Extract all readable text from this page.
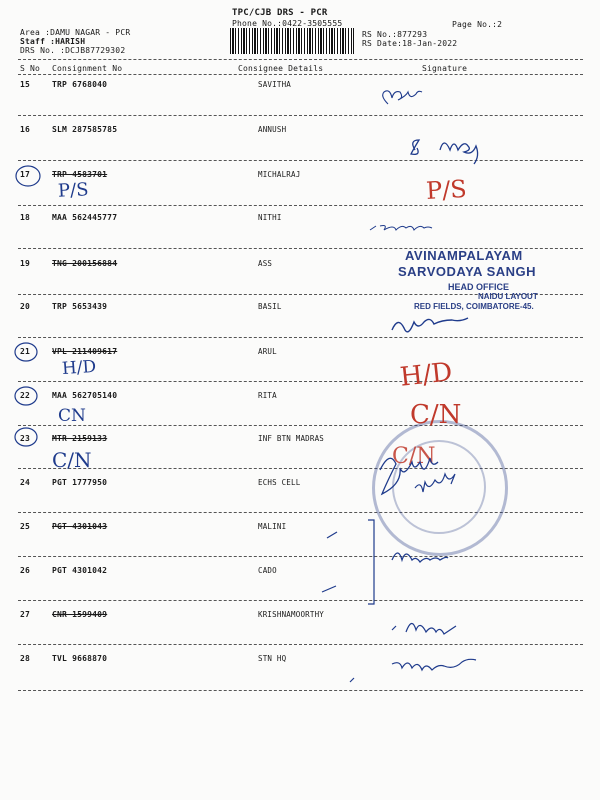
Area :DAMU NAGAR - PCR
Staff :HARISH
DRS No. :DCJB87729302
TPC/CJB DRS - PCR
Phone No.:0422-3505555
RS No.:877293
RS Date:18-Jan-2022
Page No.:2
S No Consignment No	Consignee Details	Signature
15	TRP 6768040	SAVITHA
16	SLM 287585785	ANNUSH
17	TRP 4583701	MICHALRAJ
18	MAA 562445777	NITHI
19	TNG 200156884	ASS
20	TRP 5653439	BASIL
21	VPL 211409617	ARUL
22	MAA 562705140	RITA
23	MTR 2159133	INF BTN MADRAS
24	PGT 1777950	ECHS CELL
25	PGT 4301043	MALINI
26	PGT 4301042	CADO
27	CNR 1599409	KRISHNAMOORTHY
28	TVL 9668870	STN HQ
AVINAMPALAYAM
SARVODAYA SANGH
HEAD OFFICE
NAIDU LAYOUT
RED FIELDS, COIMBATORE-45.
P/S	P/S
H/D	H/D
CN
C/N
C/N
C/N
